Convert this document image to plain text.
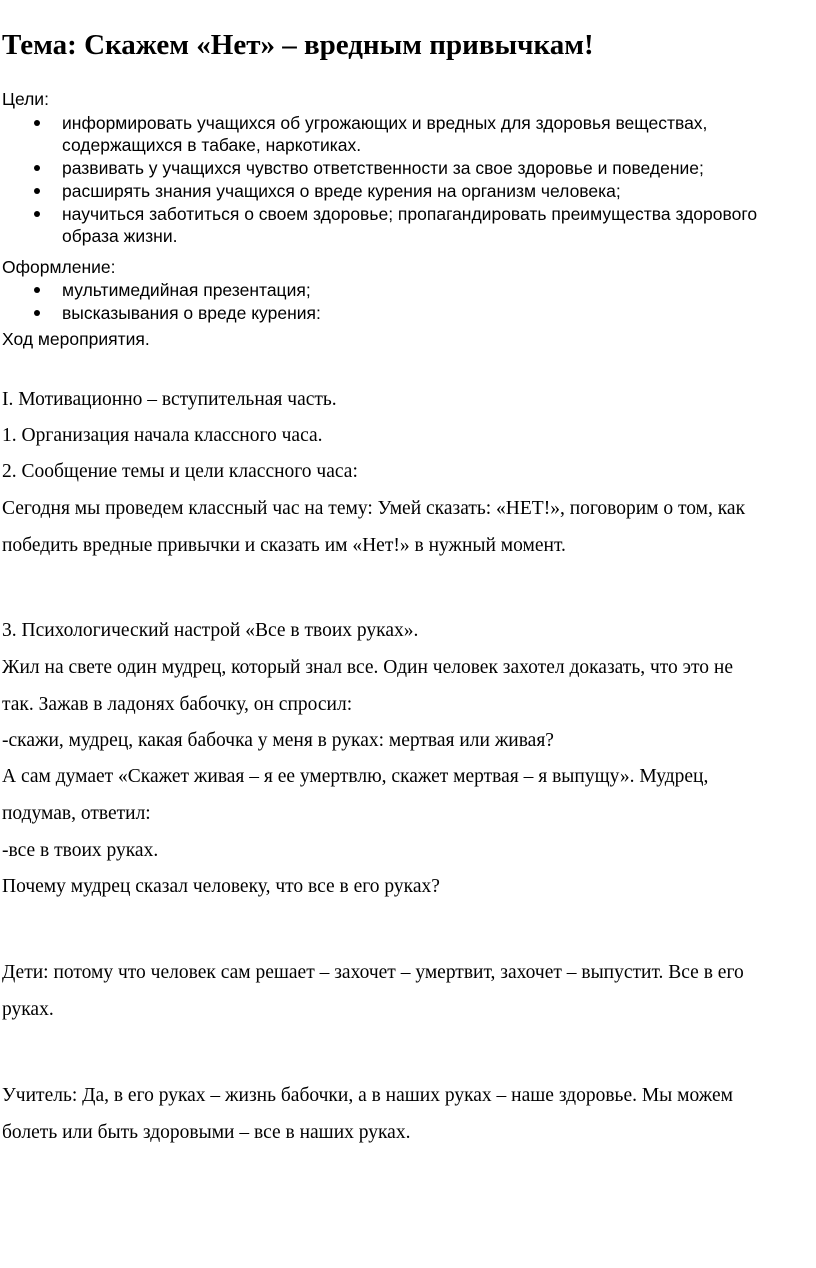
Тема: Скажем «Нет» – вредным привычкам!

Цели:

информировать учащихся об угрожающих и вредных для здоровья веществах,
содержащихся в табаке, наркотиках.
развивать у учащихся чувство ответственности за свое здоровье и поведение;
расширять знания учащихся о вреде курения на организм человека;
научиться заботиться о своем здоровье; пропагандировать преимущества здорового
образа жизни.

Оформление:

мультимедийная презентация;
высказывания о вреде курения:

Ход мероприятия.

I. Мотивационно – вступительная часть.

1. Организация начала классного часа.

2. Сообщение темы и цели классного часа:

Сегодня мы проведем классный час на тему: Умей сказать: «НЕТ!», поговорим о том, как

победить вредные привычки и сказать им «Нет!» в нужный момент.

3. Психологический настрой «Все в твоих руках».

Жил на свете один мудрец, который знал все. Один человек захотел доказать, что это не

так. Зажав в ладонях бабочку, он спросил:

-скажи, мудрец, какая бабочка у меня в руках: мертвая или живая?

А сам думает «Скажет живая – я ее умертвлю, скажет мертвая – я выпущу». Мудрец,

подумав, ответил:

-все в твоих руках.

Почему мудрец сказал человеку, что все в его руках?

Дети: потому что человек сам решает – захочет – умертвит, захочет – выпустит. Все в его

руках.

Учитель: Да, в его руках – жизнь бабочки, а в наших руках – наше здоровье. Мы можем

болеть или быть здоровыми – все в наших руках.
